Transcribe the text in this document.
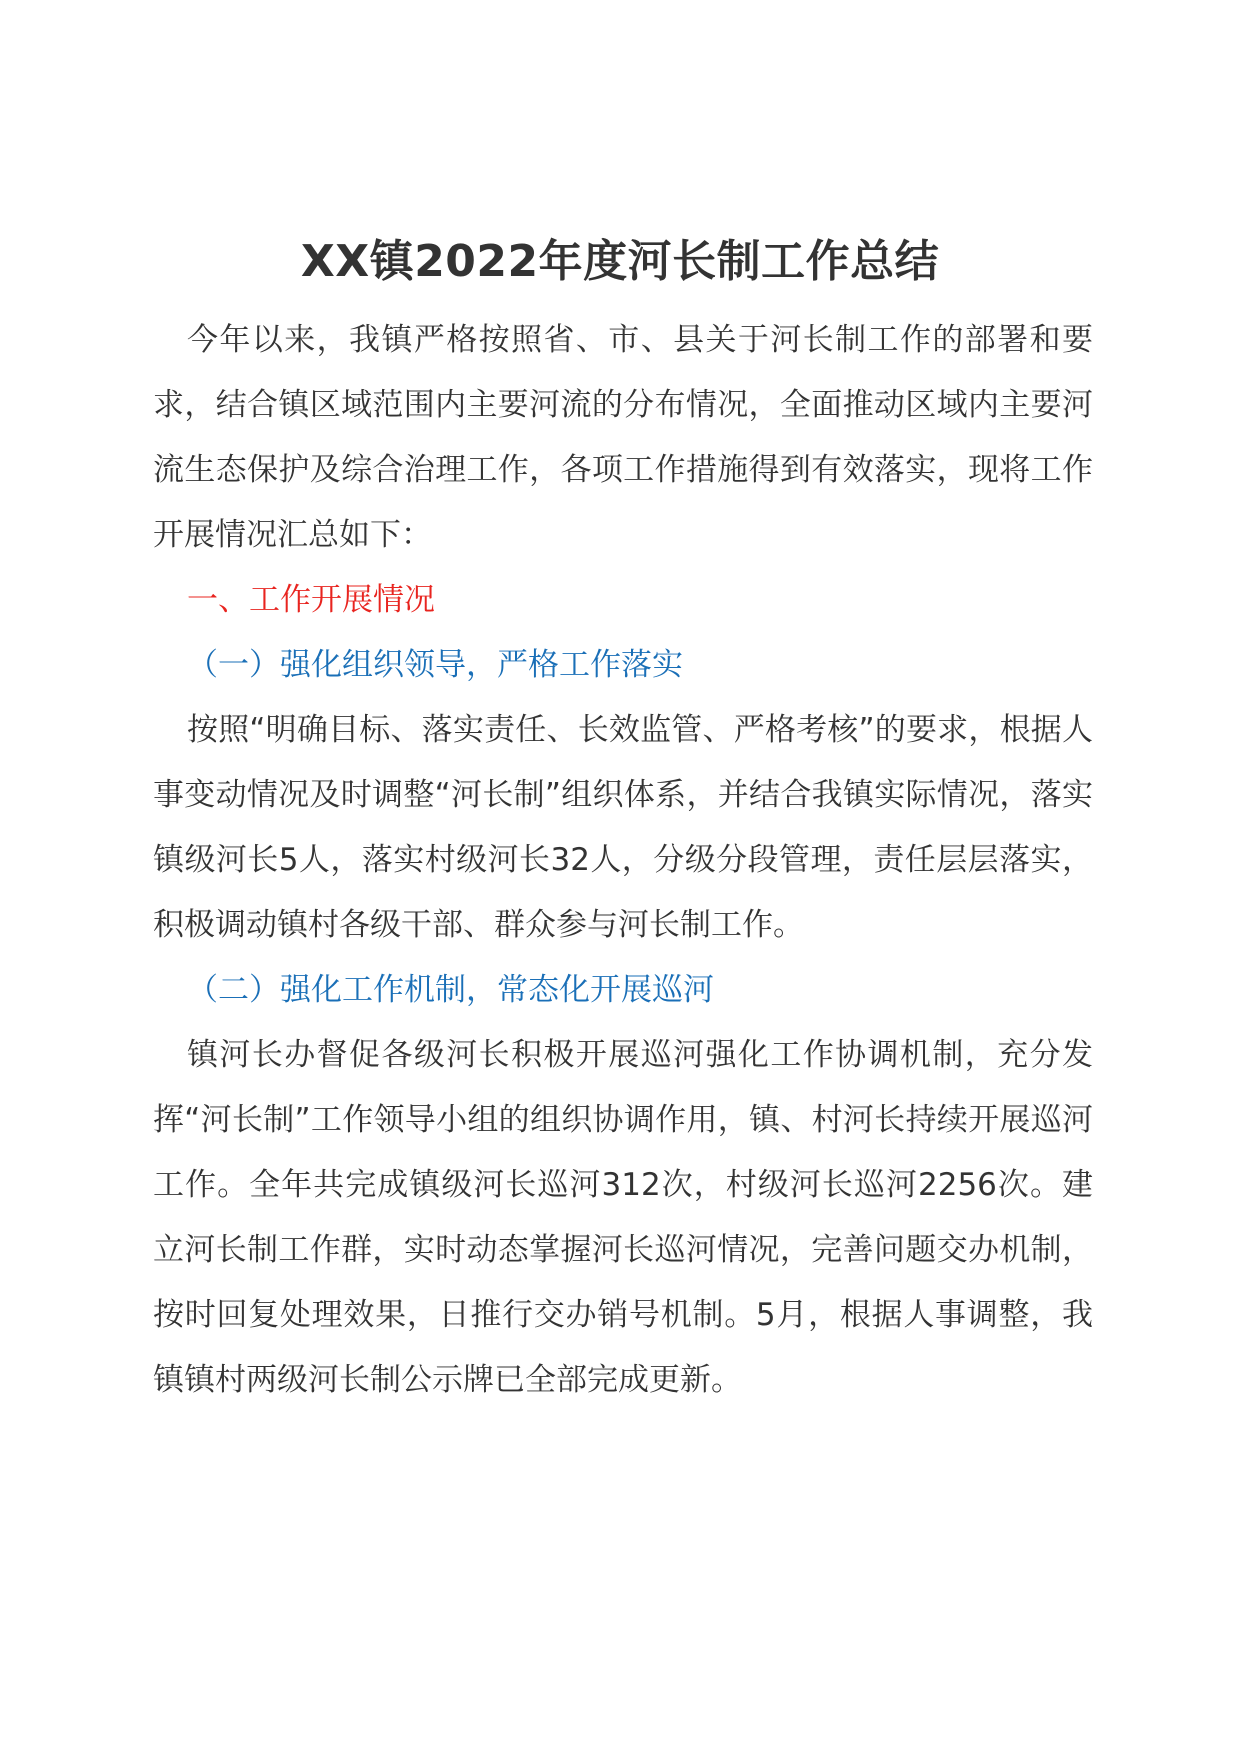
XX镇2022年度河长制工作总结

今年以来，我镇严格按照省、市、县关于河长制工作的部署和要求，结合镇区域范围内主要河流的分布情况，全面推动区域内主要河流生态保护及综合治理工作，各项工作措施得到有效落实，现将工作开展情况汇总如下：

一、工作开展情况

（一）强化组织领导，严格工作落实

按照“明确目标、落实责任、长效监管、严格考核”的要求，根据人事变动情况及时调整“河长制”组织体系，并结合我镇实际情况，落实镇级河长5人，落实村级河长32人，分级分段管理，责任层层落实，积极调动镇村各级干部、群众参与河长制工作。

（二）强化工作机制，常态化开展巡河

镇河长办督促各级河长积极开展巡河强化工作协调机制，充分发挥“河长制”工作领导小组的组织协调作用，镇、村河长持续开展巡河工作。全年共完成镇级河长巡河312次，村级河长巡河2256次。建立河长制工作群，实时动态掌握河长巡河情况，完善问题交办机制，按时回复处理效果，日推行交办销号机制。5月，根据人事调整，我镇镇村两级河长制公示牌已全部完成更新。
